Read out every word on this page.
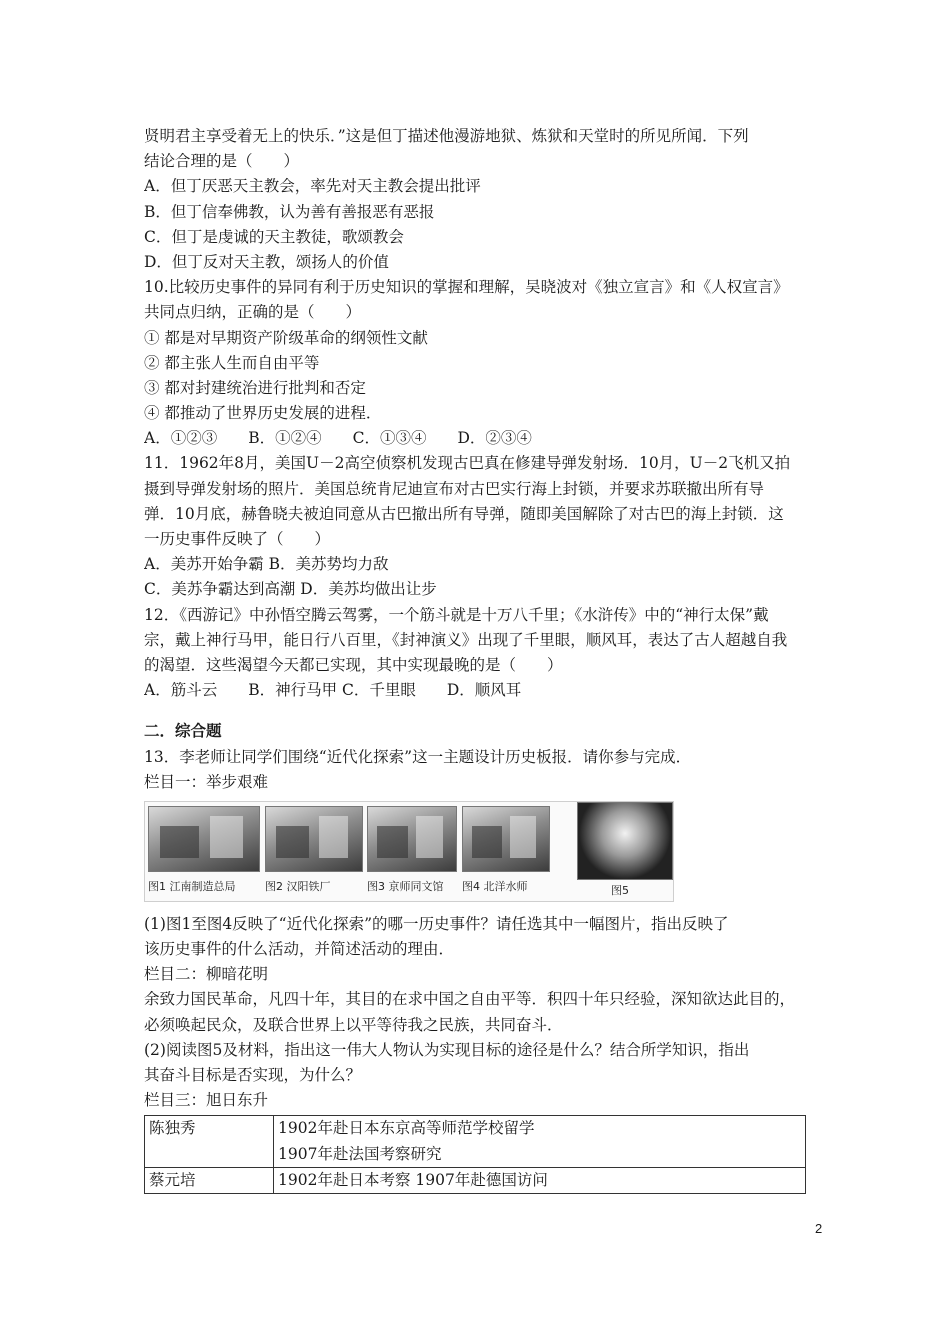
贤明君主享受着无上的快乐．”这是但丁描述他漫游地狱、炼狱和天堂时的所见所闻．下列
结论合理的是（　　）
A．但丁厌恶天主教会，率先对天主教会提出批评
B．但丁信奉佛教，认为善有善报恶有恶报
C．但丁是虔诚的天主教徒，歌颂教会
D．但丁反对天主教，颂扬人的价值
10.比较历史事件的异同有利于历史知识的掌握和理解，吴晓波对《独立宣言》和《人权宣言》
共同点归纳，正确的是（　　）
① 都是对早期资产阶级革命的纲领性文献
② 都主张人生而自由平等
③ 都对封建统治进行批判和否定
④ 都推动了世界历史发展的进程．
A．①②③　　B．①②④　　C．①③④　　D．②③④
11．1962年8月，美国U－2高空侦察机发现古巴真在修建导弹发射场．10月，U－2飞机又拍
摄到导弹发射场的照片．美国总统肯尼迪宣布对古巴实行海上封锁，并要求苏联撤出所有导
弹．10月底，赫鲁晓夫被迫同意从古巴撤出所有导弹，随即美国解除了对古巴的海上封锁．这
一历史事件反映了（　　）
A．美苏开始争霸 B．美苏势均力敌
C．美苏争霸达到高潮 D．美苏均做出让步
12．《西游记》中孙悟空腾云驾雾，一个筋斗就是十万八千里；《水浒传》中的“神行太保”戴
宗，戴上神行马甲，能日行八百里，《封神演义》出现了千里眼，顺风耳，表达了古人超越自我
的渴望．这些渴望今天都已实现，其中实现最晚的是（　　）
A．筋斗云　　B．神行马甲 C．千里眼　　D．顺风耳
二．综合题
13．李老师让同学们围绕“近代化探索”这一主题设计历史板报．请你参与完成．
栏目一：举步艰难
图1 江南制造总局	图2 汉阳铁厂	图3 京师同文馆 图4 北洋水师	图5
(1)图1至图4反映了“近代化探索”的哪一历史事件？请任选其中一幅图片，指出反映了
该历史事件的什么活动，并简述活动的理由．
栏目二：柳暗花明
余致力国民革命，凡四十年，其目的在求中国之自由平等．积四十年只经验，深知欲达此目的，
必须唤起民众，及联合世界上以平等待我之民族，共同奋斗．
(2)阅读图5及材料，指出这一伟大人物认为实现目标的途径是什么？结合所学知识，指出
其奋斗目标是否实现，为什么？
栏目三：旭日东升
陈独秀	1902年赴日本东京高等师范学校留学
1907年赴法国考察研究

蔡元培	1902年赴日本考察 1907年赴德国访问
2
